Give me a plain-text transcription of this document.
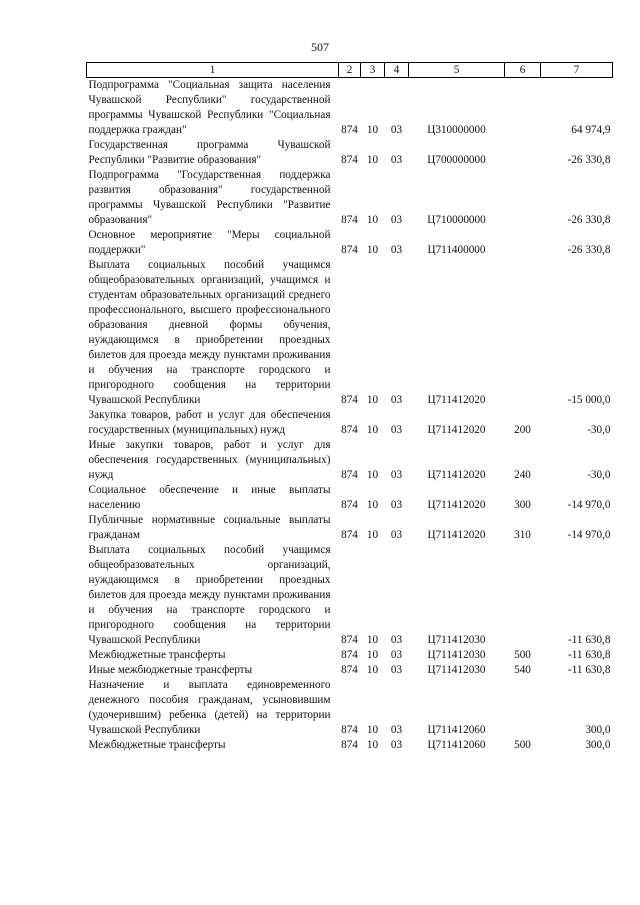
507
1	2	3	4	5	6	7
Подпрограмма "Социальная защита населения Чувашской Республики" государственной программы Чувашской Республики "Социальная поддержка граждан"	874	10	03	Ц310000000		64 974,9
Государственная программа Чувашской Республики "Развитие образования"	874	10	03	Ц700000000		-26 330,8
Подпрограмма "Государственная поддержка развития образования" государственной программы Чувашской Республики "Развитие образования"	874	10	03	Ц710000000		-26 330,8
Основное мероприятие "Меры социальной поддержки"	874	10	03	Ц711400000		-26 330,8
Выплата социальных пособий учащимся общеобразовательных организаций, учащимся и студентам образовательных организаций среднего профессионального, высшего профессионального образования дневной формы обучения, нуждающимся в приобретении проездных билетов для проезда между пунктами проживания и обучения на транспорте городского и пригородного сообщения на территории Чувашской Республики	874	10	03	Ц711412020		-15 000,0
Закупка товаров, работ и услуг для обеспечения государственных (муниципальных) нужд	874	10	03	Ц711412020	200	-30,0
Иные закупки товаров, работ и услуг для обеспечения государственных (муниципальных) нужд	874	10	03	Ц711412020	240	-30,0
Социальное обеспечение и иные выплаты населению	874	10	03	Ц711412020	300	-14 970,0
Публичные нормативные социальные выплаты гражданам	874	10	03	Ц711412020	310	-14 970,0
Выплата социальных пособий учащимся общеобразовательных организаций, нуждающимся в приобретении проездных билетов для проезда между пунктами проживания и обучения на транспорте городского и пригородного сообщения на территории Чувашской Республики	874	10	03	Ц711412030		-11 630,8
Межбюджетные трансферты	874	10	03	Ц711412030	500	-11 630,8
Иные межбюджетные трансферты	874	10	03	Ц711412030	540	-11 630,8
Назначение и выплата единовременного денежного пособия гражданам, усыновившим (удочерившим) ребенка (детей) на территории Чувашской Республики	874	10	03	Ц711412060		300,0
Межбюджетные трансферты	874	10	03	Ц711412060	500	300,0
